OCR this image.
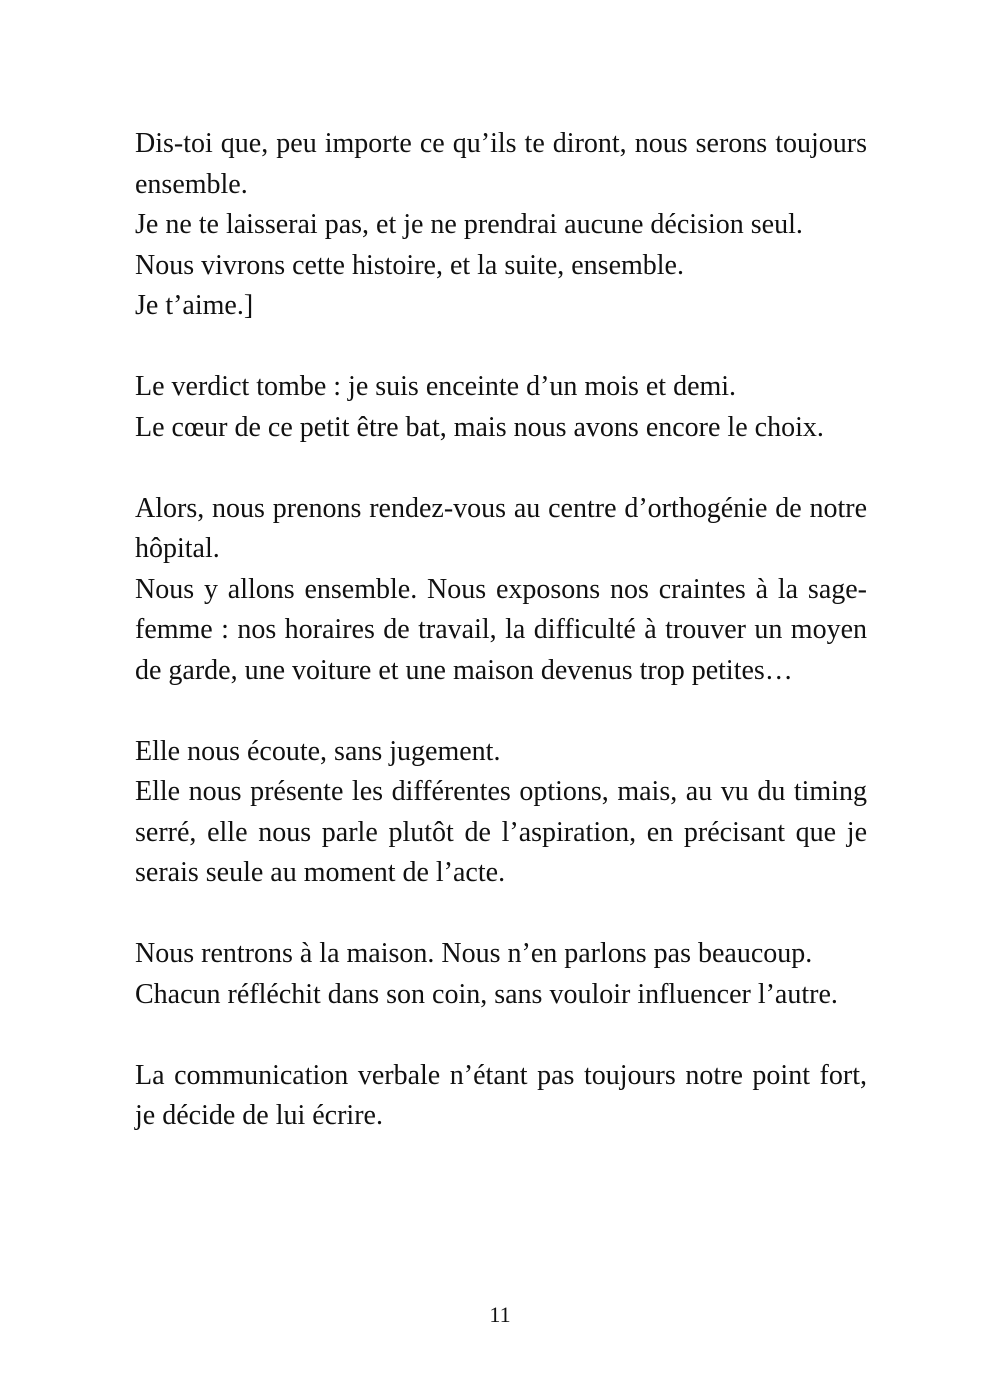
Dis-toi que, peu importe ce qu’ils te diront, nous serons toujours ensemble.

Je ne te laisserai pas, et je ne prendrai aucune décision seul.

Nous vivrons cette histoire, et la suite, ensemble.

Je t’aime.]

Le verdict tombe : je suis enceinte d’un mois et demi.

Le cœur de ce petit être bat, mais nous avons encore le choix.

Alors, nous prenons rendez-vous au centre d’orthogénie de notre hôpital.

Nous y allons ensemble. Nous exposons nos craintes à la sage-femme : nos horaires de travail, la difficulté à trouver un moyen de garde, une voiture et une maison devenus trop petites…

Elle nous écoute, sans jugement.

Elle nous présente les différentes options, mais, au vu du timing serré, elle nous parle plutôt de l’aspiration, en précisant que je serais seule au moment de l’acte.

Nous rentrons à la maison. Nous n’en parlons pas beaucoup.

Chacun réfléchit dans son coin, sans vouloir influencer l’autre.

La communication verbale n’étant pas toujours notre point fort, je décide de lui écrire.

11
